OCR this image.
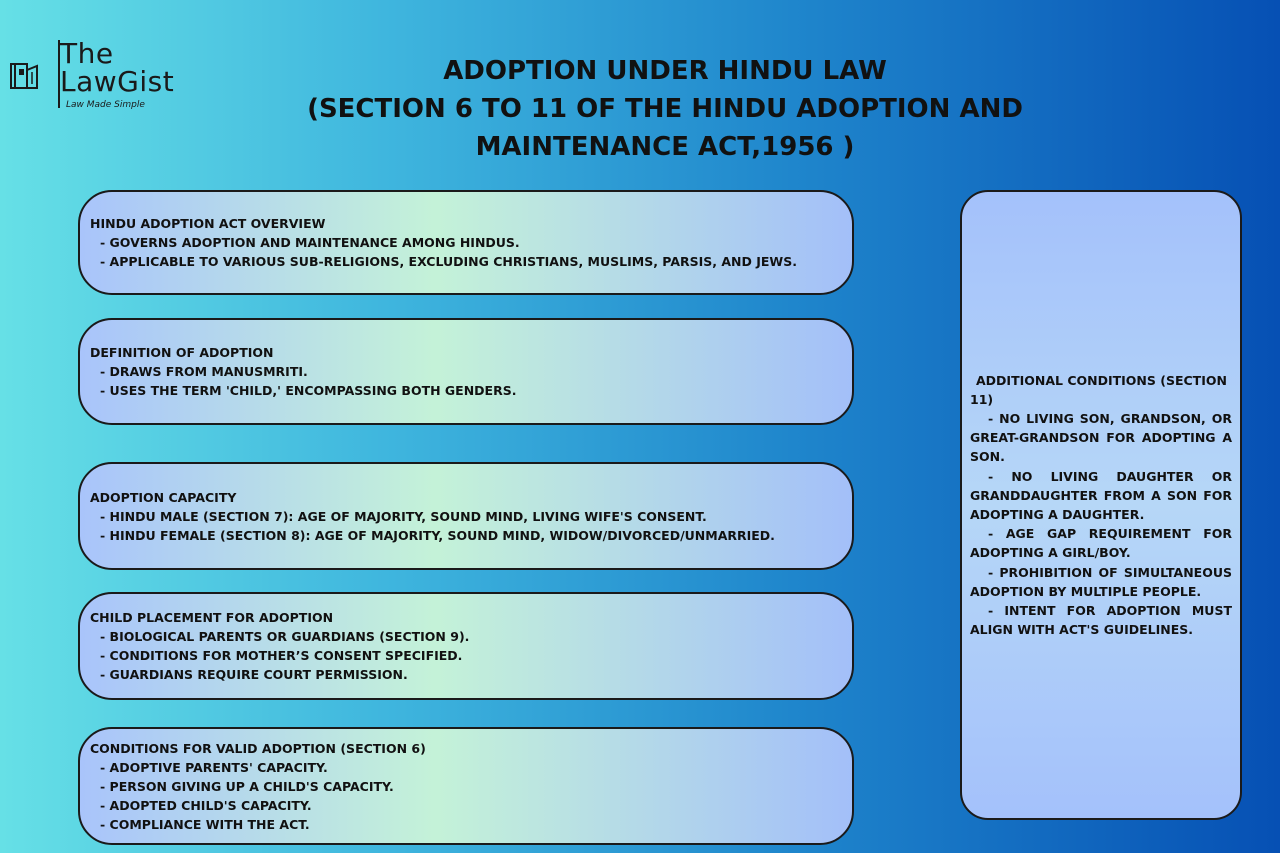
The
LawGist
Law Made Simple
ADOPTION UNDER HINDU LAW
(SECTION 6 TO 11 OF THE HINDU ADOPTION AND
MAINTENANCE ACT,1956 )
HINDU ADOPTION ACT OVERVIEW
- GOVERNS ADOPTION AND MAINTENANCE AMONG HINDUS.
- APPLICABLE TO VARIOUS SUB-RELIGIONS, EXCLUDING CHRISTIANS, MUSLIMS, PARSIS, AND JEWS.
DEFINITION OF ADOPTION
- DRAWS FROM MANUSMRITI.
- USES THE TERM 'CHILD,' ENCOMPASSING BOTH GENDERS.
ADOPTION CAPACITY
- HINDU MALE (SECTION 7): AGE OF MAJORITY, SOUND MIND, LIVING WIFE'S CONSENT.
- HINDU FEMALE (SECTION 8): AGE OF MAJORITY, SOUND MIND, WIDOW/DIVORCED/UNMARRIED.
CHILD PLACEMENT FOR ADOPTION
- BIOLOGICAL PARENTS OR GUARDIANS (SECTION 9).
- CONDITIONS FOR MOTHER’S CONSENT SPECIFIED.
- GUARDIANS REQUIRE COURT PERMISSION.
CONDITIONS FOR VALID ADOPTION (SECTION 6)
- ADOPTIVE PARENTS' CAPACITY.
- PERSON GIVING UP A CHILD'S CAPACITY.
- ADOPTED CHILD'S CAPACITY.
- COMPLIANCE WITH THE ACT.
ADDITIONAL CONDITIONS (SECTION 11)
- NO LIVING SON, GRANDSON, OR GREAT-GRANDSON FOR ADOPTING A SON.
- NO LIVING DAUGHTER OR GRANDDAUGHTER FROM A SON FOR ADOPTING A DAUGHTER.
- AGE GAP REQUIREMENT FOR ADOPTING A GIRL/BOY.
- PROHIBITION OF SIMULTANEOUS ADOPTION BY MULTIPLE PEOPLE.
- INTENT FOR ADOPTION MUST ALIGN WITH ACT'S GUIDELINES.
